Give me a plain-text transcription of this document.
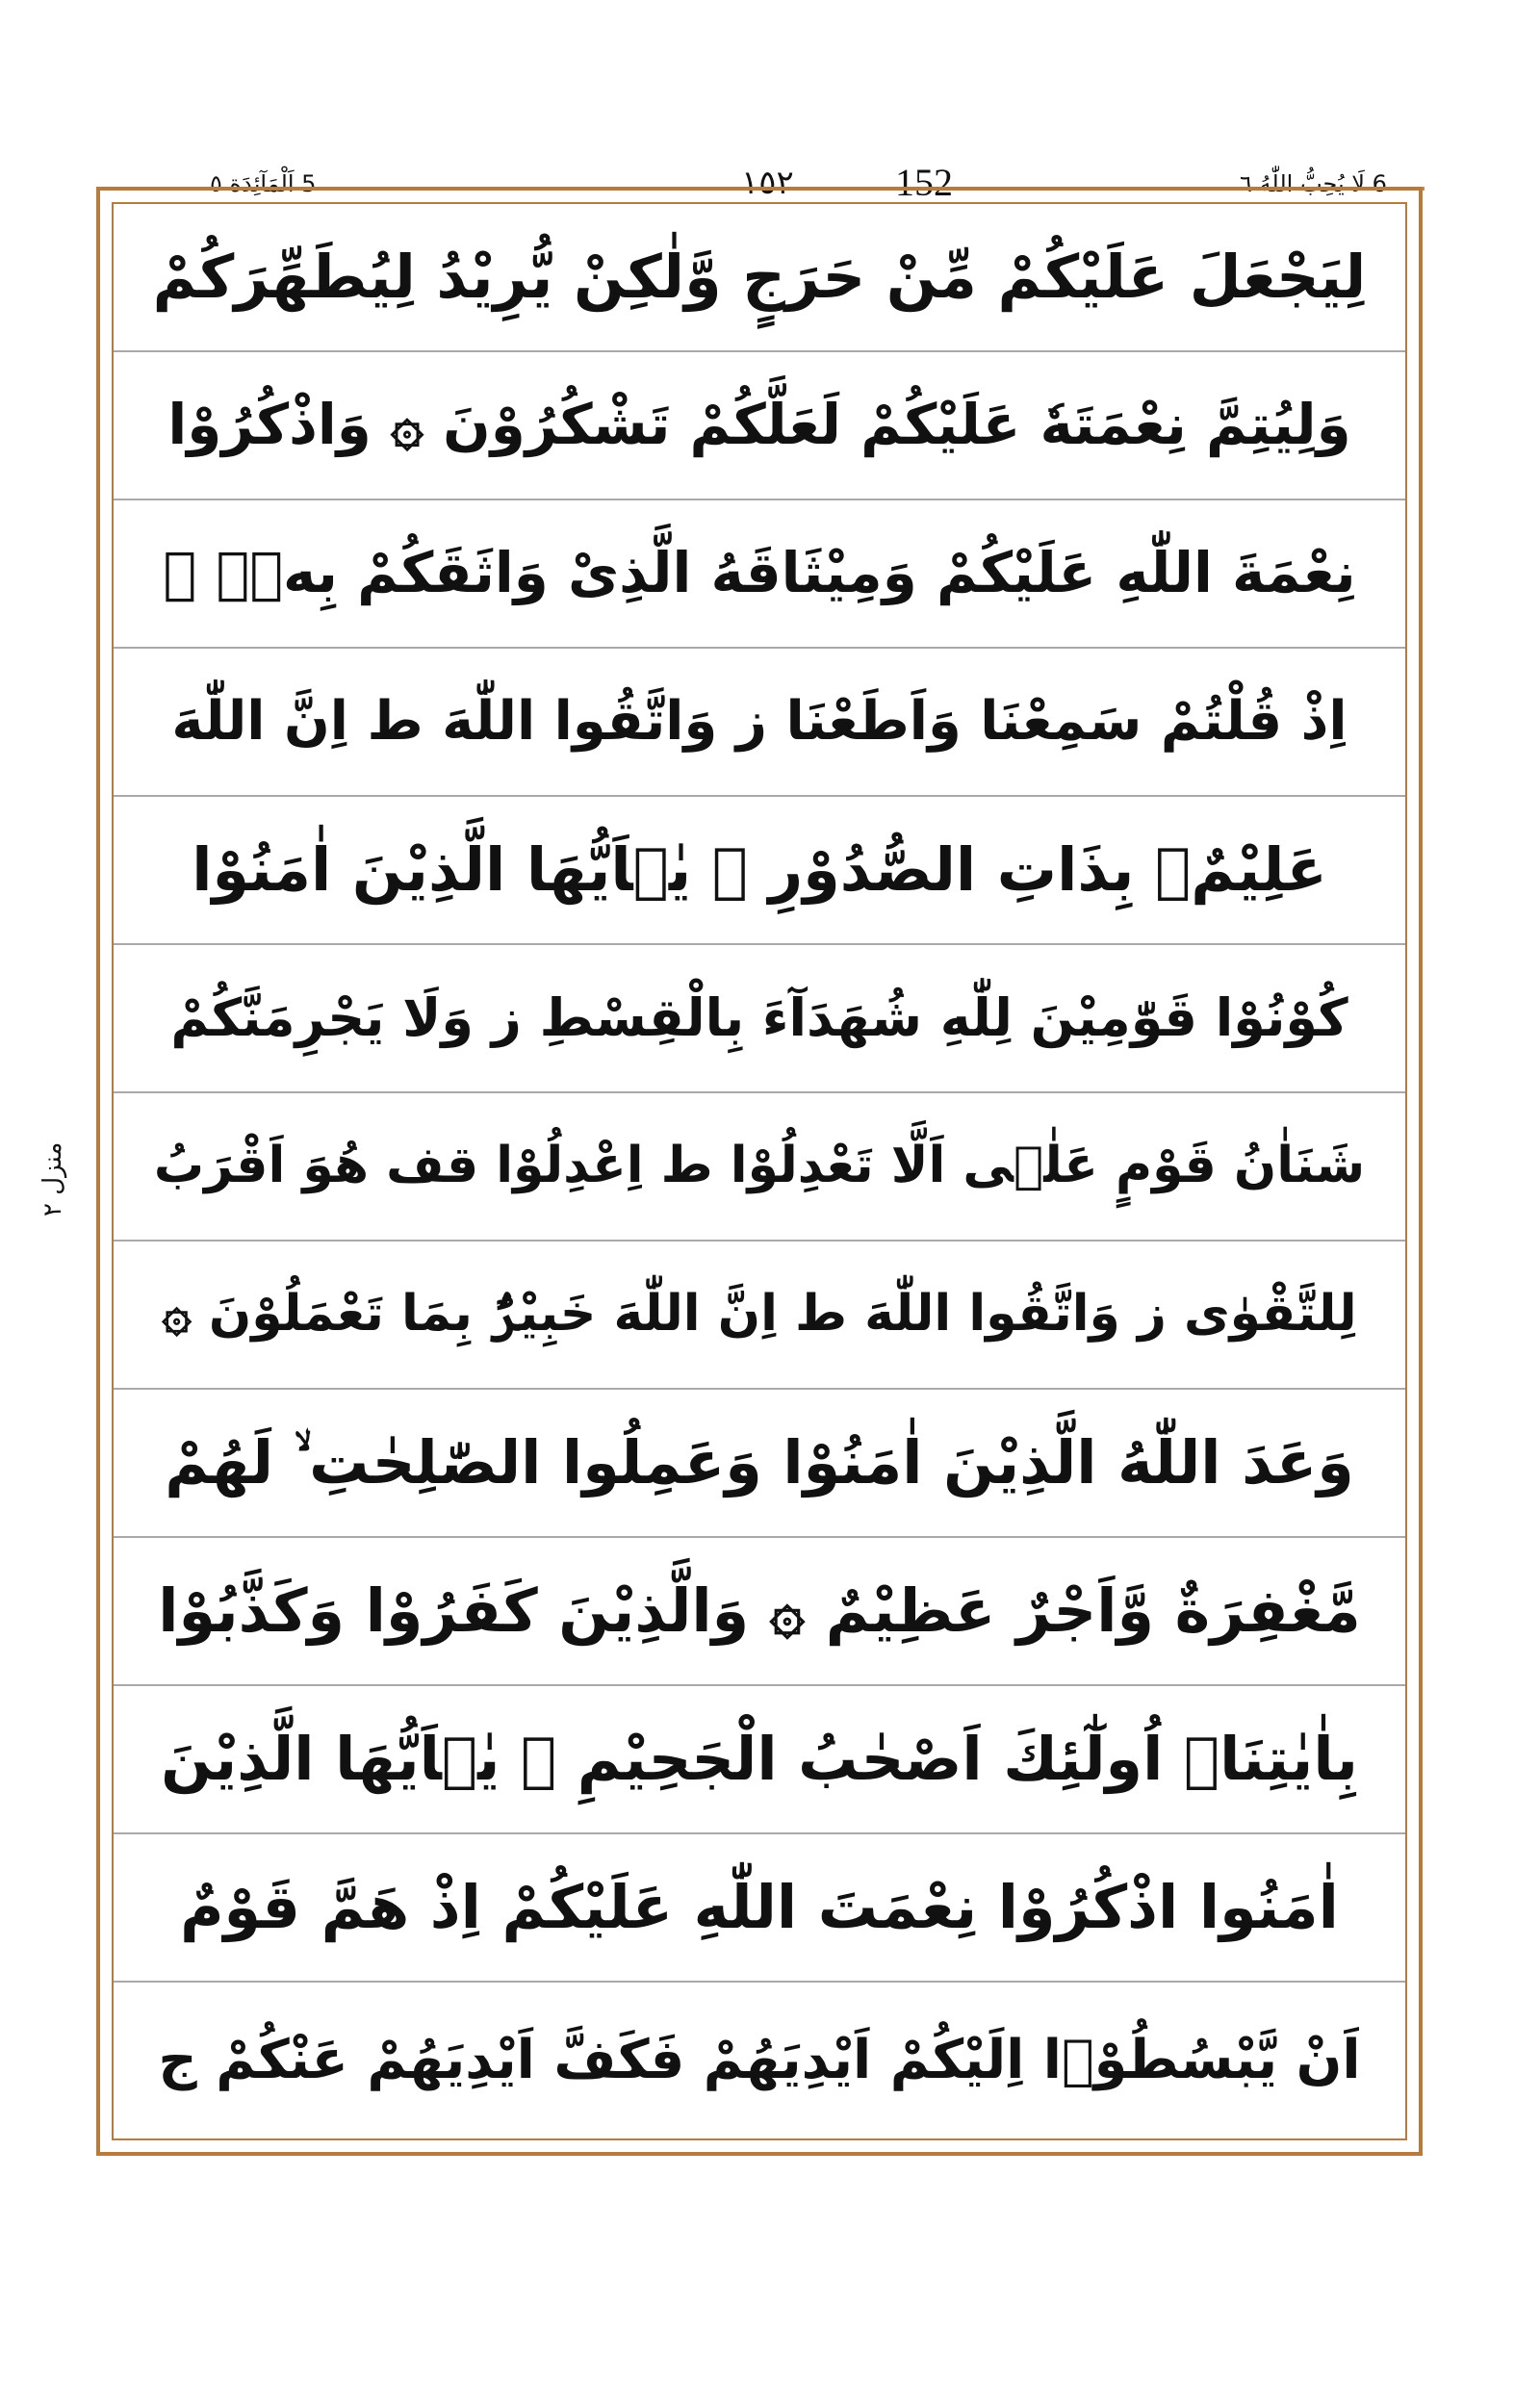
5 اَلْمَآئِدَة ٥	١٥٢	152	6 لَا يُحِبُّ اللّٰهُ ٦
منزل ٢
لِيَجْعَلَ عَلَيْكُمْ مِّنْ حَرَجٍ وَّلٰكِنْ يُّرِيْدُ لِيُطَهِّرَكُمْ
وَلِيُتِمَّ نِعْمَتَهٗ عَلَيْكُمْ لَعَلَّكُمْ تَشْكُرُوْنَ ۞ وَاذْكُرُوْا
نِعْمَةَ اللّٰهِ عَلَيْكُمْ وَمِيْثَاقَهُ الَّذِىْ وَاثَقَكُمْ بِهٖۤ ۙ
اِذْ قُلْتُمْ سَمِعْنَا وَاَطَعْنَا ز وَاتَّقُوا اللّٰهَ ط اِنَّ اللّٰهَ
عَلِيْمٌۢ بِذَاتِ الصُّدُوْرِ ۞ يٰۤاَيُّهَا الَّذِيْنَ اٰمَنُوْا
كُوْنُوْا قَوّٰمِيْنَ لِلّٰهِ شُهَدَآءَ بِالْقِسْطِ ز وَلَا يَجْرِمَنَّكُمْ
شَنَاٰنُ قَوْمٍ عَلٰۤى اَلَّا تَعْدِلُوْا ط اِعْدِلُوْا قف هُوَ اَقْرَبُ
لِلتَّقْوٰى ز وَاتَّقُوا اللّٰهَ ط اِنَّ اللّٰهَ خَبِيْرٌۢ بِمَا تَعْمَلُوْنَ ۞
وَعَدَ اللّٰهُ الَّذِيْنَ اٰمَنُوْا وَعَمِلُوا الصّٰلِحٰتِ ۙ لَهُمْ
مَّغْفِرَةٌ وَّاَجْرٌ عَظِيْمٌ ۞ وَالَّذِيْنَ كَفَرُوْا وَكَذَّبُوْا
بِاٰيٰتِنَاۤ اُولٰٓئِكَ اَصْحٰبُ الْجَحِيْمِ ۞ يٰۤاَيُّهَا الَّذِيْنَ
اٰمَنُوا اذْكُرُوْا نِعْمَتَ اللّٰهِ عَلَيْكُمْ اِذْ هَمَّ قَوْمٌ
اَنْ يَّبْسُطُوْۤا اِلَيْكُمْ اَيْدِيَهُمْ فَكَفَّ اَيْدِيَهُمْ عَنْكُمْ ج
